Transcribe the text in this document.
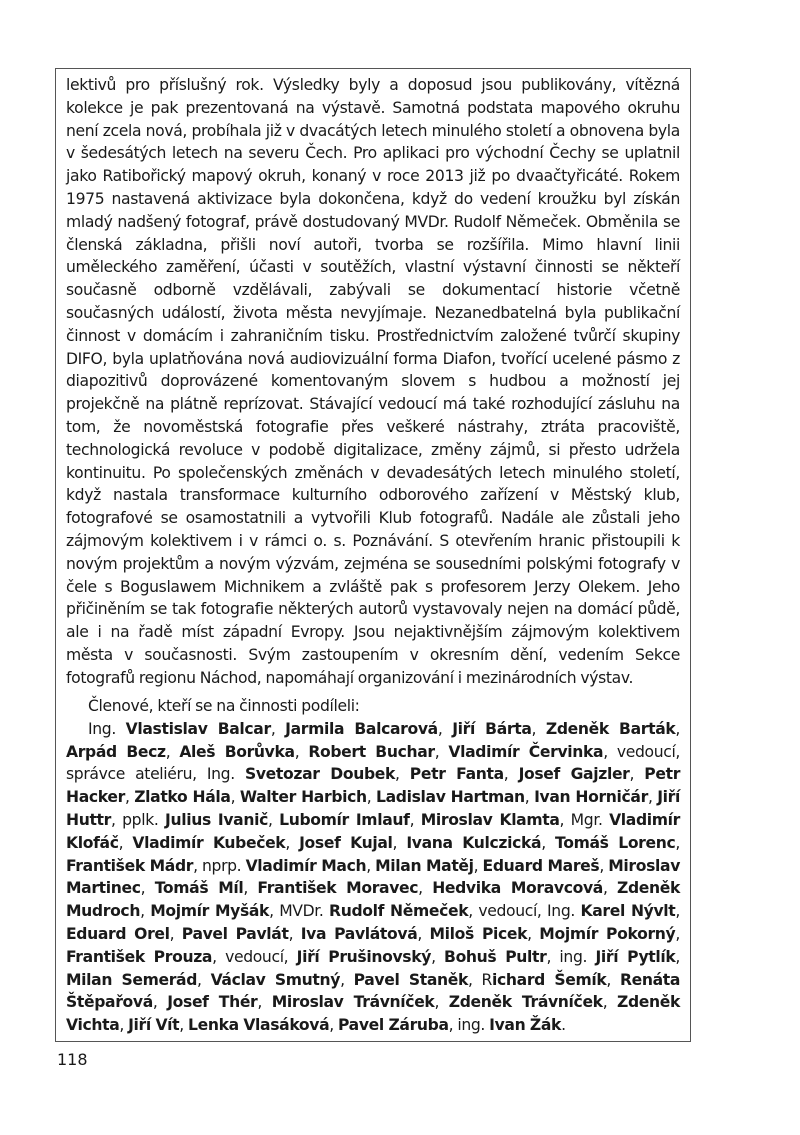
lektivů pro příslušný rok. Výsledky byly a doposud jsou publikovány, vítězná kolekce je pak prezentovaná na výstavě. Samotná podstata mapového okruhu není zcela nová, probíhala již v dvacátých letech minulého století a obnovena byla v šedesátých letech na severu Čech. Pro aplikaci pro východní Čechy se uplatnil jako Ratibořický mapový okruh, konaný v roce 2013 již po dvaačtyřicáté. Rokem 1975 nastavená aktivizace byla dokončena, když do vedení kroužku byl získán mladý nadšený fotograf, právě dostudovaný MVDr. Rudolf Němeček. Obměnila se členská základna, přišli noví autoři, tvorba se rozšířila. Mimo hlavní linii uměleckého zaměření, účasti v soutěžích, vlastní výstavní činnosti se někteří současně odborně vzdělávali, zabývali se dokumentací historie včetně současných událostí, života města nevyjímaje. Nezanedbatelná byla publikační činnost v domácím i zahraničním tisku. Prostřednictvím založené tvůrčí skupiny DIFO, byla uplatňována nová audiovizuální forma Diafon, tvořící ucelené pásmo z diapozitivů doprovázené komentovaným slovem s hudbou a možností jej projekčně na plátně reprízovat. Stávající vedoucí má také rozhodující zásluhu na tom, že novoměstská fotografie přes veškeré nástrahy, ztráta pracoviště, technologická revoluce v podobě digitalizace, změny zájmů, si přesto udržela kontinuitu. Po společenských změnách v devadesátých letech minulého století, když nastala transformace kulturního odborového zařízení v Městský klub, fotografové se osamostatnili a vytvořili Klub fotografů. Nadále ale zůstali jeho zájmovým kolektivem i v rámci o. s. Poznávání. S otevřením hranic přistoupili k novým projektům a novým výzvám, zejména se sousedními polskými fotografy v čele s Boguslawem Michnikem a zvláště pak s profesorem Jerzy Olekem. Jeho přičiněním se tak fotografie některých autorů vystavovaly nejen na domácí půdě, ale i na řadě míst západní Evropy. Jsou nejaktivnějším zájmovým kolektivem města v současnosti. Svým zastoupením v okresním dění, vedením Sekce fotografů regionu Náchod, napomáhají organizování i mezinárodních výstav.

Členové, kteří se na činnosti podíleli:

Ing. Vlastislav Balcar, Jarmila Balcarová, Jiří Bárta, Zdeněk Barták, Arpád Becz, Aleš Borůvka, Robert Buchar, Vladimír Červinka, vedoucí, správce ateliéru, Ing. Svetozar Doubek, Petr Fanta, Josef Gajzler, Petr Hacker, Zlatko Hála, Walter Harbich, Ladislav Hartman, Ivan Horničár, Jiří Huttr, pplk. Julius Ivanič, Lubomír Imlauf, Miroslav Klamta, Mgr. Vladimír Klofáč, Vladimír Kubeček, Josef Kujal, Ivana Kulczická, Tomáš Lorenc, František Mádr, nprp. Vladimír Mach, Milan Matěj, Eduard Mareš, Miroslav Martinec, Tomáš Míl, František Moravec, Hedvika Moravcová, Zdeněk Mudroch, Mojmír Myšák, MVDr. Rudolf Němeček, vedoucí, Ing. Karel Nývlt, Eduard Orel, Pavel Pavlát, Iva Pavlátová, Miloš Picek, Mojmír Pokorný, František Prouza, vedoucí, Jiří Prušinovský, Bohuš Pultr, ing. Jiří Pytlík, Milan Semerád, Václav Smutný, Pavel Staněk, Richard Šemík, Renáta Štěpařová, Josef Thér, Miroslav Trávníček, Zdeněk Trávníček, Zdeněk Vichta, Jiří Vít, Lenka Vlasáková, Pavel Záruba, ing. Ivan Žák.

118
